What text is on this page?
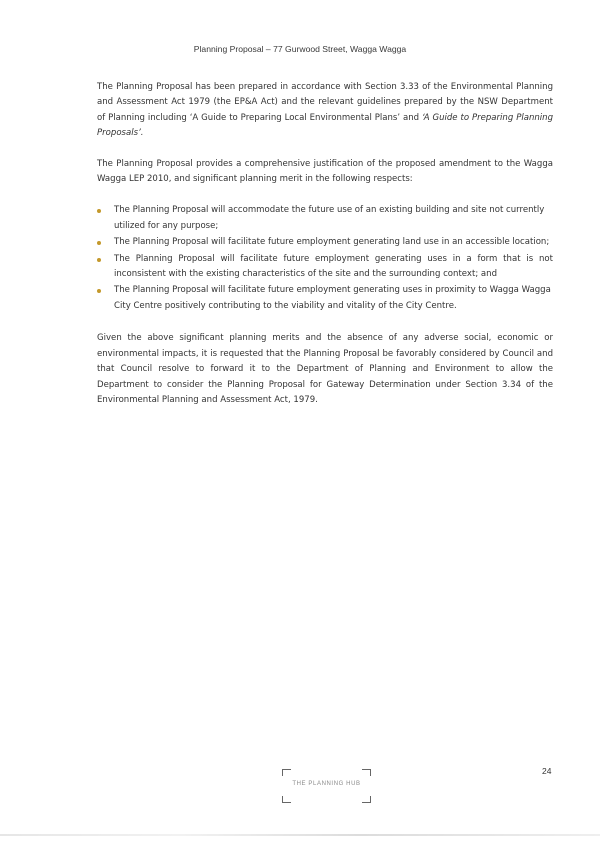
Planning Proposal – 77 Gurwood Street, Wagga Wagga

The Planning Proposal has been prepared in accordance with Section 3.33 of the Environmental Planning and Assessment Act 1979 (the EP&A Act) and the relevant guidelines prepared by the NSW Department of Planning including ‘A Guide to Preparing Local Environmental Plans’ and ‘A Guide to Preparing Planning Proposals’.

The Planning Proposal provides a comprehensive justification of the proposed amendment to the Wagga Wagga LEP 2010, and significant planning merit in the following respects:

The Planning Proposal will accommodate the future use of an existing building and site not currently utilized for any purpose;
The Planning Proposal will facilitate future employment generating land use in an accessible location;
The Planning Proposal will facilitate future employment generating uses in a form that is not inconsistent with the existing characteristics of the site and the surrounding context; and
The Planning Proposal will facilitate future employment generating uses in proximity to Wagga Wagga City Centre positively contributing to the viability and vitality of the City Centre.

Given the above significant planning merits and the absence of any adverse social, economic or environmental impacts, it is requested that the Planning Proposal be favorably considered by Council and that Council resolve to forward it to the Department of Planning and Environment to allow the Department to consider the Planning Proposal for Gateway Determination under Section 3.34 of the Environmental Planning and Assessment Act, 1979.

THE PLANNING HUB
24
